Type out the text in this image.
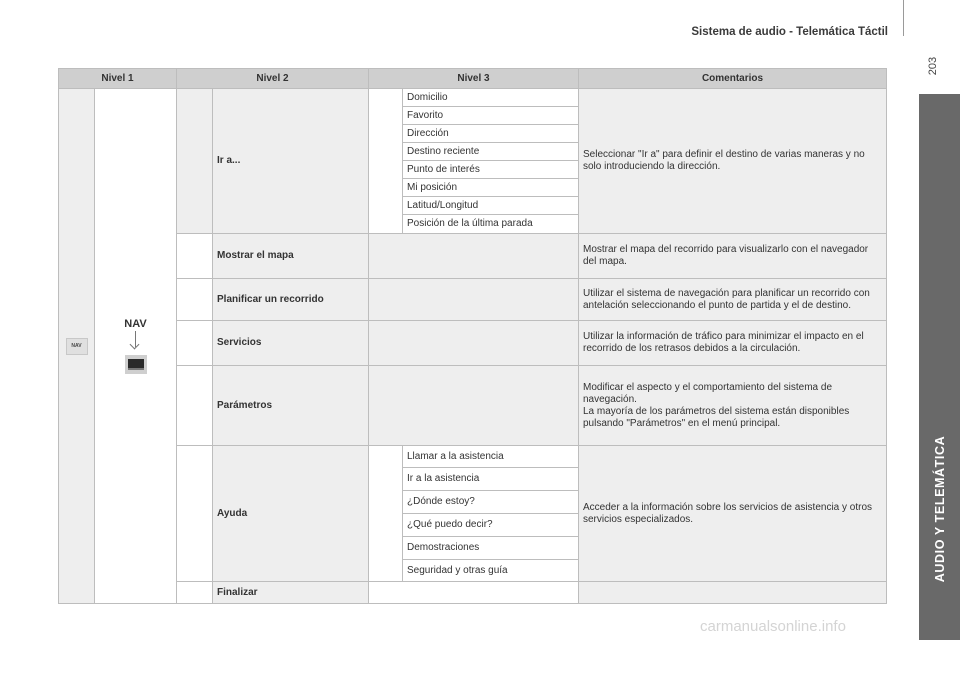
Sistema de audio - Telemática Táctil
203
AUDIO Y TELEMÁTICA
10
Nivel 1		Nivel 2		Nivel 3		Comentarios
NAV	NAV		Ir a...		Domicilio	Seleccionar "Ir a" para definir el destino de varias maneras y no solo introduciendo la dirección.
					Favorito	
					Dirección	
					Destino reciente	
					Punto de interés	
					Mi posición	
					Latitud/Longitud	
					Posición de la última parada	
			Mostrar el mapa			Mostrar el mapa del recorrido para visualizarlo con el navegador del mapa.
			Planificar un recorrido			Utilizar el sistema de navegación para planificar un recorrido con antelación seleccionando el punto de partida y el de destino.
			Servicios			Utilizar la información de tráfico para minimizar el impacto en el recorrido de los retrasos debidos a la circulación.
			Parámetros			Modificar el aspecto y el comportamiento del sistema de navegación.
La mayoría de los parámetros del sistema están disponibles pulsando "Parámetros" en el menú principal.
			Ayuda		Llamar a la asistencia	Acceder a la información sobre los servicios de asistencia y otros servicios especializados.
					Ir a la asistencia	
					¿Dónde estoy?	
					¿Qué puedo decir?	
					Demostraciones	
					Seguridad y otras guía	
			Finalizar			
carmanualsonline.info
